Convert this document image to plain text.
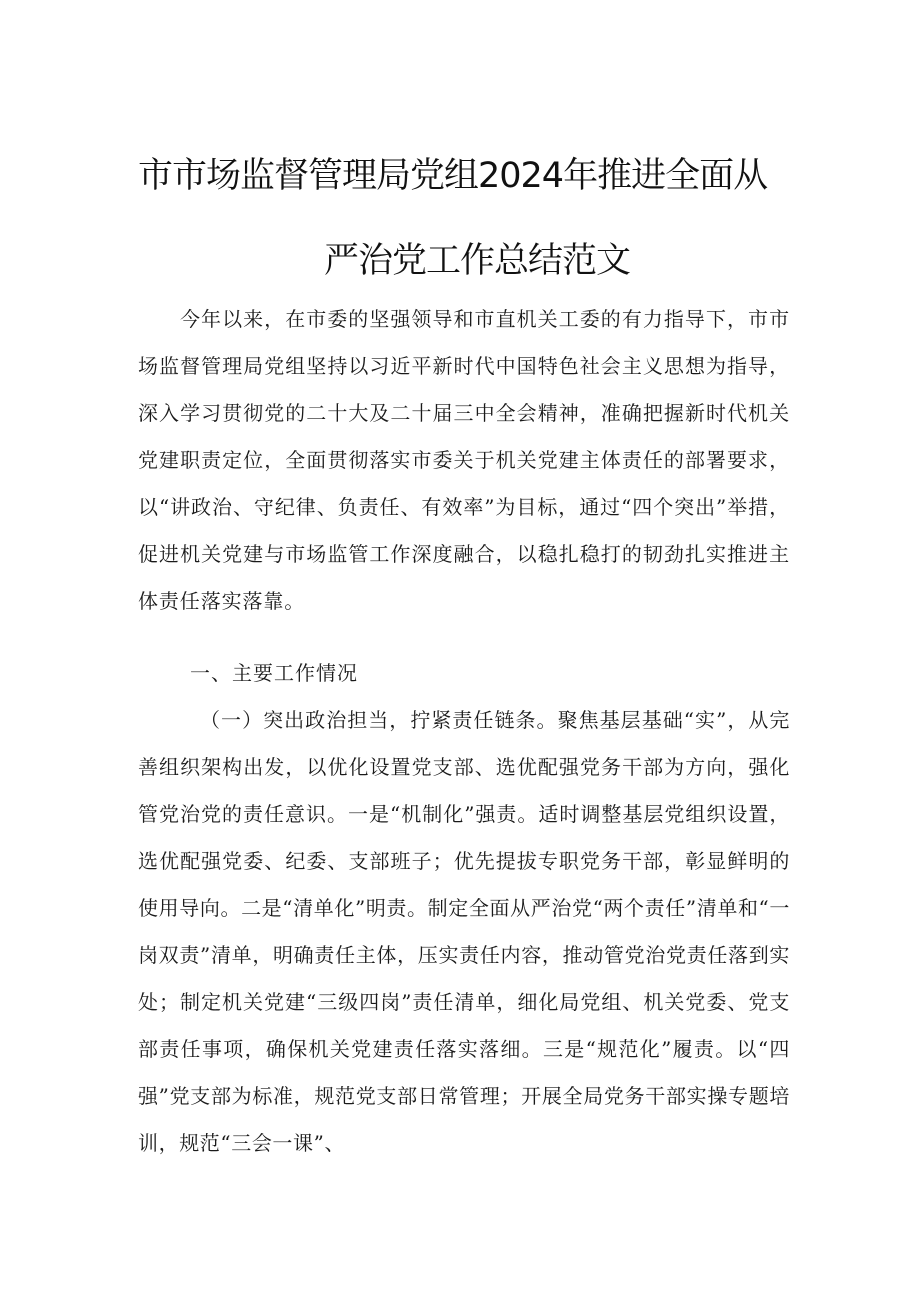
市市场监督管理局党组2024年推进全面从
严治党工作总结范文

今年以来，在市委的坚强领导和市直机关工委的有力指导下，市市场监督管理局党组坚持以习近平新时代中国特色社会主义思想为指导，深入学习贯彻党的二十大及二十届三中全会精神，准确把握新时代机关党建职责定位，全面贯彻落实市委关于机关党建主体责任的部署要求，以“讲政治、守纪律、负责任、有效率”为目标，通过“四个突出”举措，促进机关党建与市场监管工作深度融合，以稳扎稳打的韧劲扎实推进主体责任落实落靠。

一、主要工作情况

（一）突出政治担当，拧紧责任链条。聚焦基层基础“实”，从完善组织架构出发，以优化设置党支部、选优配强党务干部为方向，强化管党治党的责任意识。一是“机制化”强责。适时调整基层党组织设置，选优配强党委、纪委、支部班子；优先提拔专职党务干部，彰显鲜明的使用导向。二是“清单化”明责。制定全面从严治党“两个责任”清单和“一岗双责”清单，明确责任主体，压实责任内容，推动管党治党责任落到实处；制定机关党建“三级四岗”责任清单，细化局党组、机关党委、党支部责任事项，确保机关党建责任落实落细。三是“规范化”履责。以“四强”党支部为标准，规范党支部日常管理；开展全局党务干部实操专题培训，规范“三会一课”、
